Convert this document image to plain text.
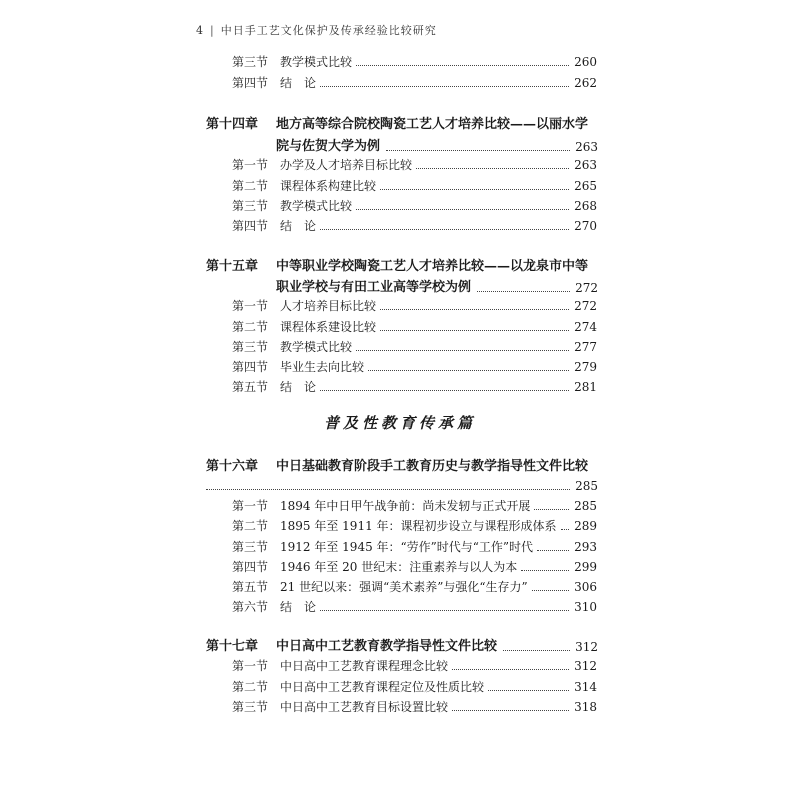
4 | 中日手工艺文化保护及传承经验比较研究
第三节 教学模式比较	260
第四节 结　论	262
第十四章 地方高等综合院校陶瓷工艺人才培养比较——以丽水学
院与佐贺大学为例	263
第一节 办学及人才培养目标比较	263
第二节 课程体系构建比较	265
第三节 教学模式比较	268
第四节 结　论	270
第十五章 中等职业学校陶瓷工艺人才培养比较——以龙泉市中等
职业学校与有田工业高等学校为例	272
第一节 人才培养目标比较	272
第二节 课程体系建设比较	274
第三节 教学模式比较	277
第四节 毕业生去向比较	279
第五节 结　论	281
普及性教育传承篇
第十六章 中日基础教育阶段手工教育历史与教学指导性文件比较
285
第一节 1894 年中日甲午战争前：尚未发轫与正式开展	285
第二节 1895 年至 1911 年：课程初步设立与课程形成体系 289
第三节 1912 年至 1945 年：“劳作”时代与“工作”时代	293
第四节 1946 年至 20 世纪末：注重素养与以人为本	299
第五节 21 世纪以来：强调“美术素养”与强化“生存力”	306
第六节 结　论	310
第十七章	中日高中工艺教育教学指导性文件比较	312
第一节 中日高中工艺教育课程理念比较	312
第二节 中日高中工艺教育课程定位及性质比较	314
第三节 中日高中工艺教育目标设置比较	318
